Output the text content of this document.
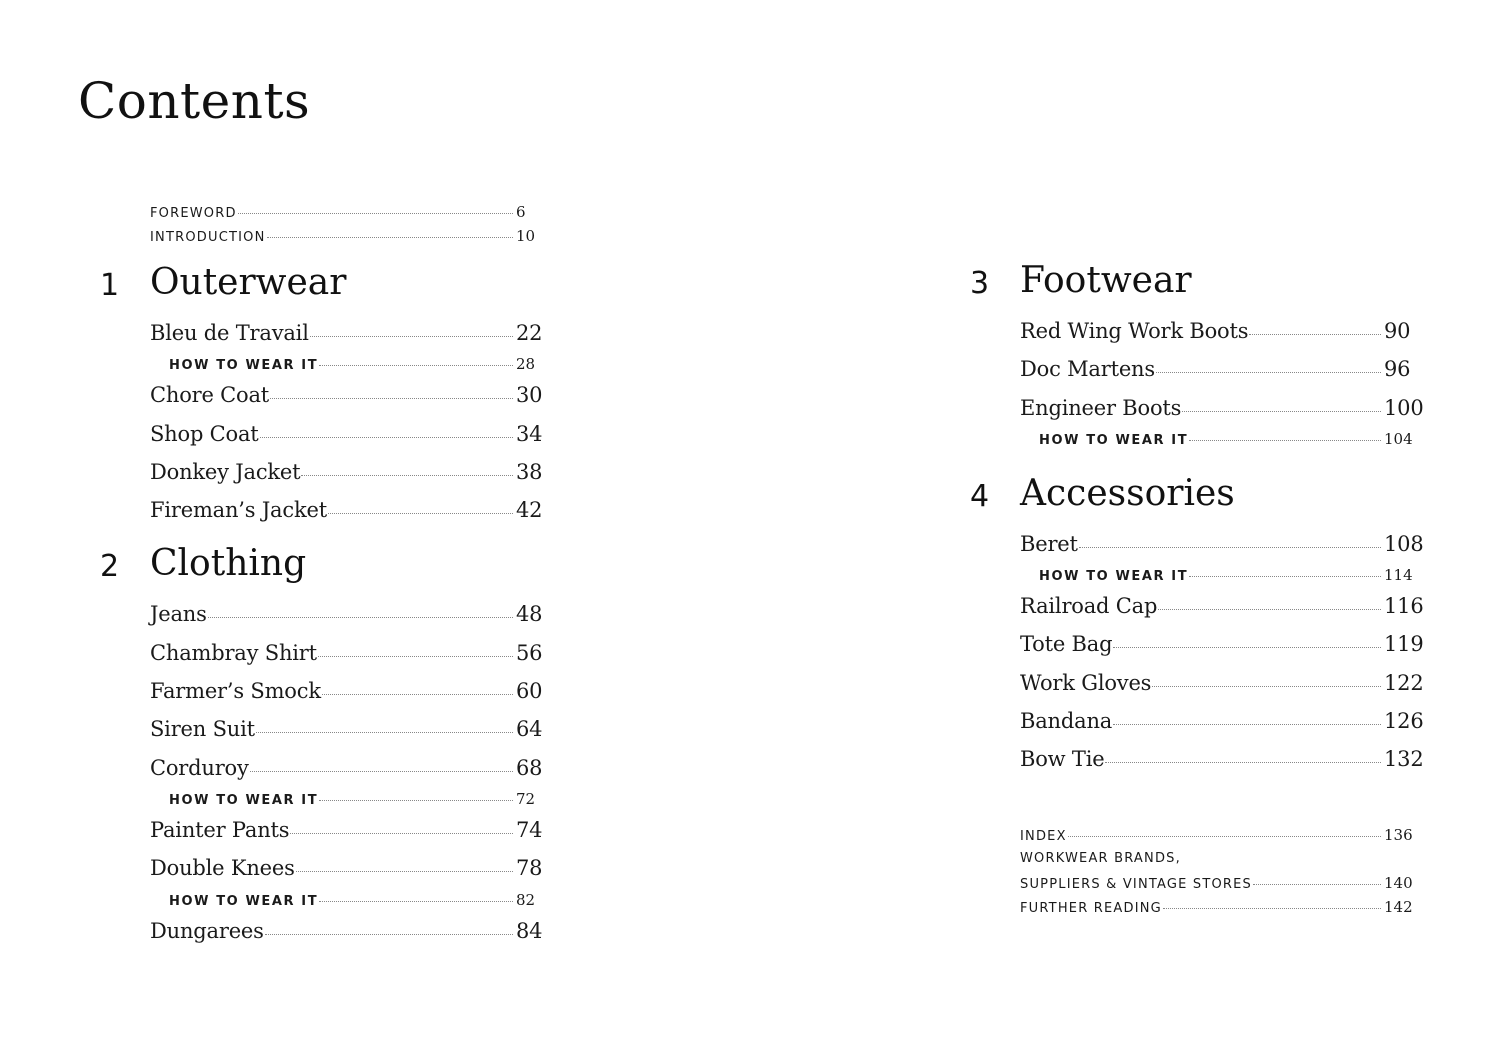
Contents
FOREWORD	6
INTRODUCTION	10
1 Outerwear
Bleu de Travail	22
HOW TO WEAR IT	28
Chore Coat	30
Shop Coat	34
Donkey Jacket	38
Fireman’s Jacket	42
2 Clothing
Jeans	48
Chambray Shirt	56
Farmer’s Smock	60
Siren Suit	64
Corduroy	68
HOW TO WEAR IT	72
Painter Pants	74
Double Knees	78
HOW TO WEAR IT	82
Dungarees	84
3 Footwear
Red Wing Work Boots	90
Doc Martens	96
Engineer Boots	100
HOW TO WEAR IT	104
4 Accessories
Beret	108
HOW TO WEAR IT	114
Railroad Cap	116
Tote Bag	119
Work Gloves	122
Bandana	126
Bow Tie	132
INDEX	136
WORKWEAR BRANDS,
SUPPLIERS & VINTAGE STORES	140
FURTHER READING	142
